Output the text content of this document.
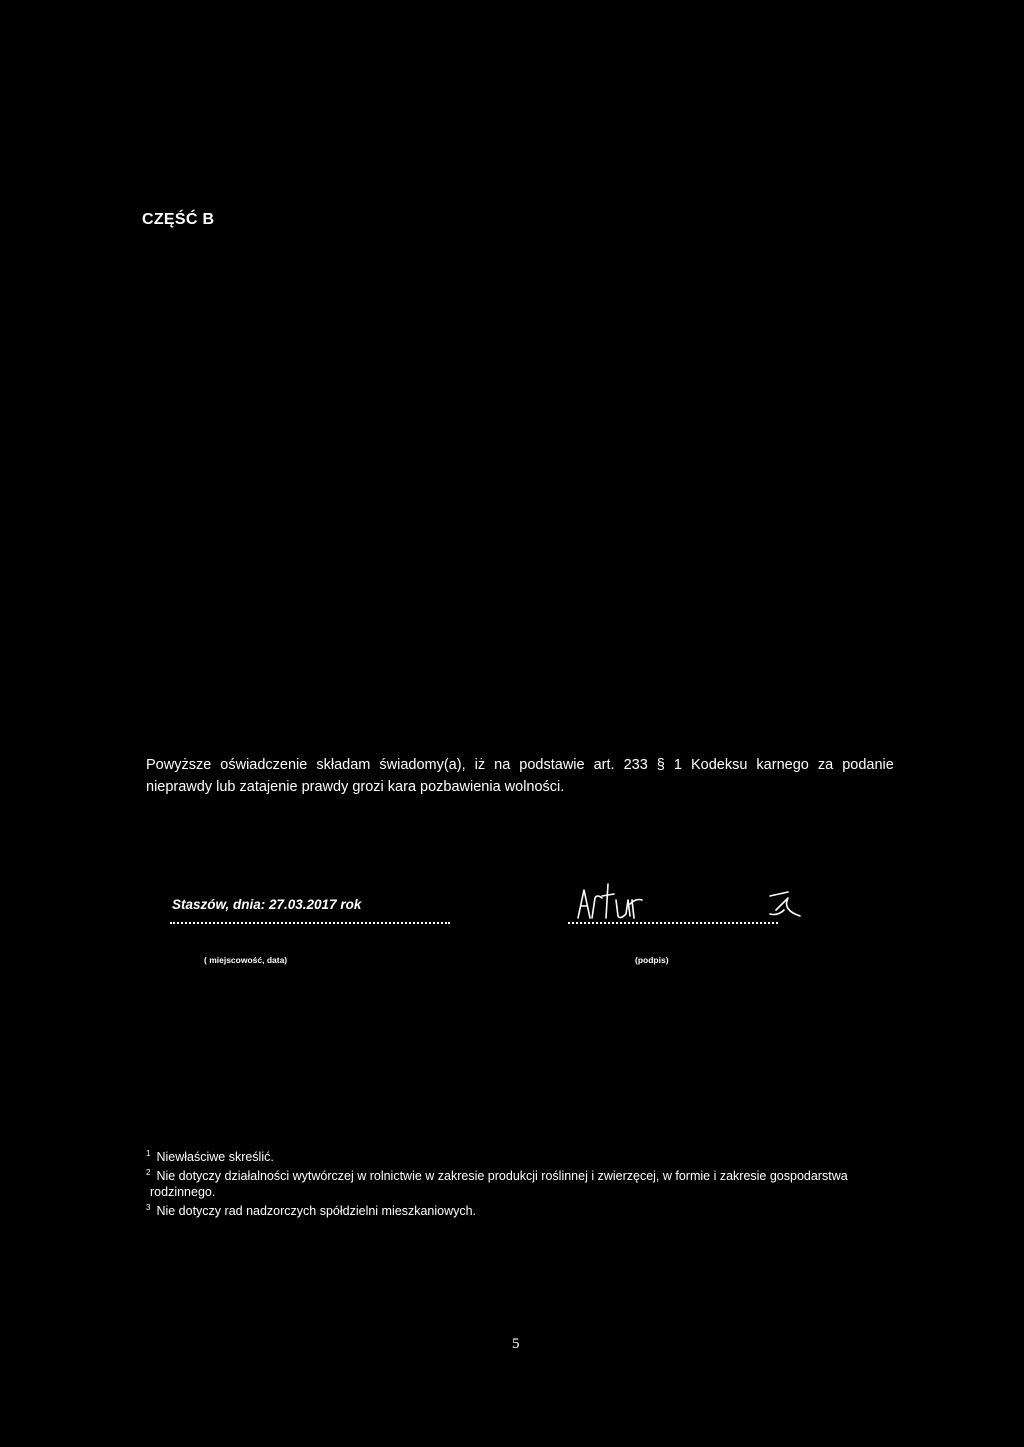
CZĘŚĆ B
Powyższe oświadczenie składam świadomy(a), iż na podstawie art. 233 § 1 Kodeksu karnego za podanie
nieprawdy lub zatajenie prawdy grozi kara pozbawienia wolności.
Staszów, dnia: 27.03.2017 rok
( miejscowość, data)	(podpis)
$^1$ Niewłaściwe skreślić.
$^2$ Nie dotyczy działalności wytwórczej w rolnictwie w zakresie produkcji roślinnej i zwierzęcej, w formie i zakresie gospodarstwa
rodzinnego.
$^3$ Nie dotyczy rad nadzorczych spółdzielni mieszkaniowych.
5
